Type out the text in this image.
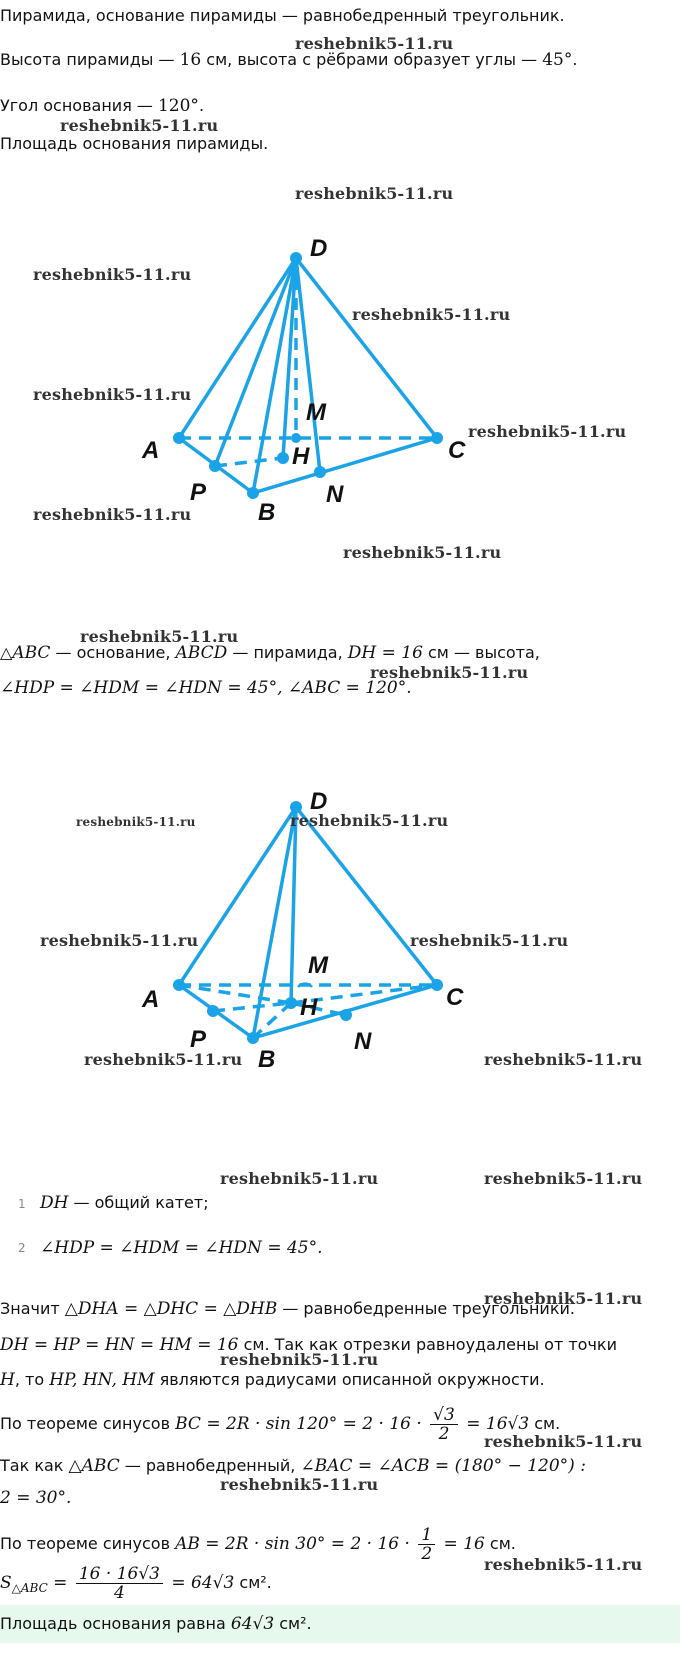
Пирамида, основание пирамиды — равнобедренный треугольник.
Высота пирамиды — 16 см, высота с рёбрами образует углы — 45°.
Угол основания — 120°.
Площадь основания пирамиды.
D
A	C
B
P	N
M
H
△ABC — основание, ABCD — пирамида, DH = 16 см — высота,
∠HDP = ∠HDM = ∠HDN = 45°, ∠ABC = 120°.
D
A	C
B
P	N
M
H
1 DH — общий катет;
2 ∠HDP = ∠HDM = ∠HDN = 45°.
Значит △DHA = △DHC = △DHB — равнобедренные треугольники.
DH = HP = HN = HM = 16 см. Так как отрезки равноудалены от точки
H, то HP, HN, HM являются радиусами описанной окружности.
По теореме синусов BC = $2R \cdot \sin 120^\circ = 2 \cdot 16 \cdot \frac{√3}{2} = 16√3$ см.
Так как △ABC — равнобедренный, ∠BAC = ∠ACB = (180° − 120°) :
2 = 30°.
По теореме синусов AB = $2R \cdot \sin 30^\circ = 2 \cdot 16 \cdot \frac{1}{2} = 16$ см.
$S_{\triangle ABC} = \frac{16 \cdot 16√3}{4} = 64√3$ см².
Площадь основания равна 64√3 см².
reshebnik5-11.ru
reshebnik5-11.ru
reshebnik5-11.ru
reshebnik5-11.ru
reshebnik5-11.ru
reshebnik5-11.ru
reshebnik5-11.ru
reshebnik5-11.ru
reshebnik5-11.ru
reshebnik5-11.ru
reshebnik5-11.ru
reshebnik5-11.ru	reshebnik5-11.ru
reshebnik5-11.ru	reshebnik5-11.ru
reshebnik5-11.ru	reshebnik5-11.ru
reshebnik5-11.ru	reshebnik5-11.ru
reshebnik5-11.ru
reshebnik5-11.ru
reshebnik5-11.ru
reshebnik5-11.ru
reshebnik5-11.ru
